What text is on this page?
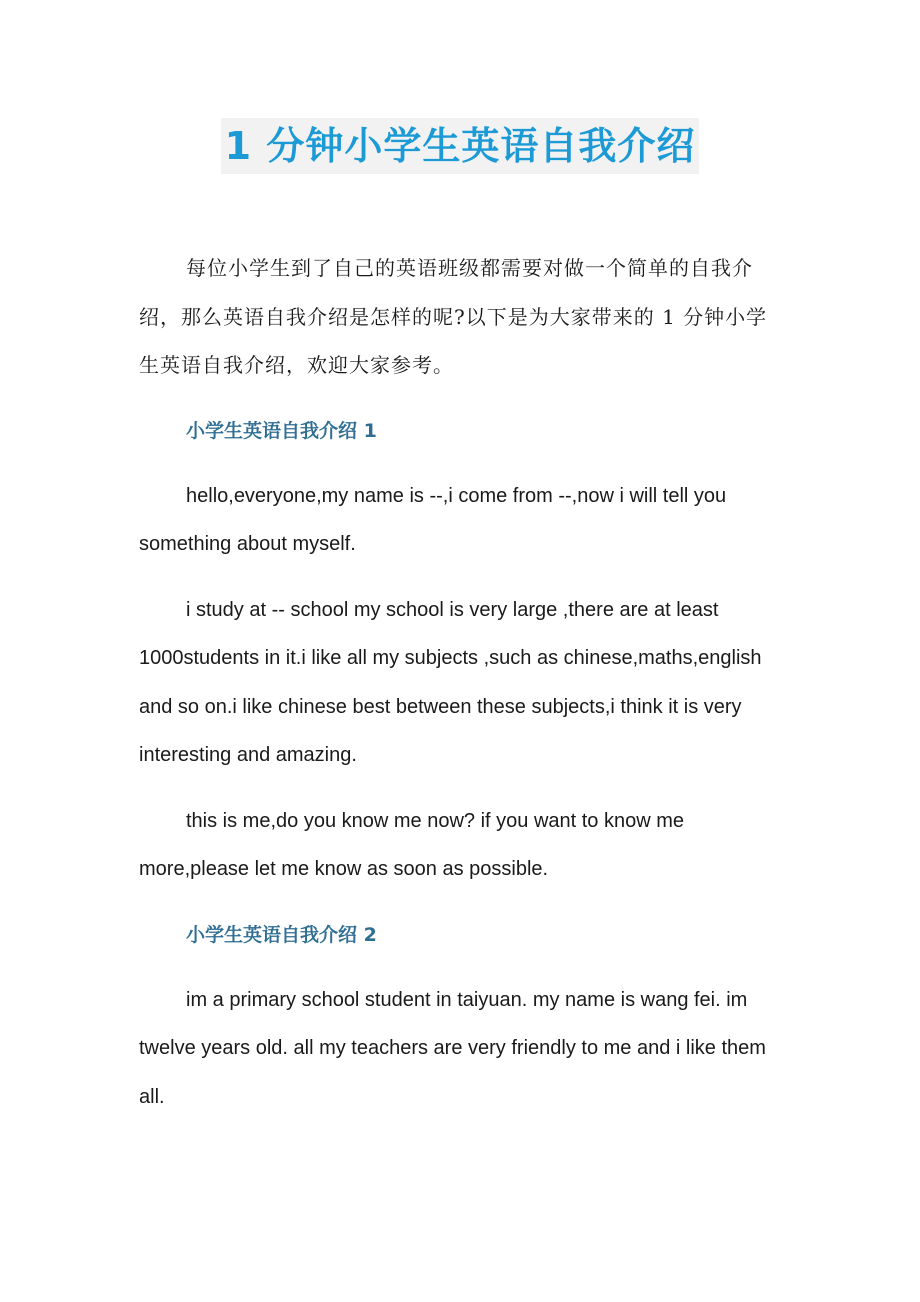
1 分钟小学生英语自我介绍

每位小学生到了自己的英语班级都需要对做一个简单的自我介绍，那么英语自我介绍是怎样的呢?以下是为大家带来的 1 分钟小学生英语自我介绍，欢迎大家参考。

小学生英语自我介绍 1

hello,everyone,my name is --,i come from --,now i will tell you something about myself.

i study at -- school my school is very large ,there are at least 1000students in it.i like all my subjects ,such as chinese,maths,english and so on.i like chinese best between these subjects,i think it is very interesting and amazing.

this is me,do you know me now? if you want to know me more,please let me know as soon as possible.

小学生英语自我介绍 2

im a primary school student in taiyuan. my name is wang fei. im twelve years old. all my teachers are very friendly to me and i like them all.
